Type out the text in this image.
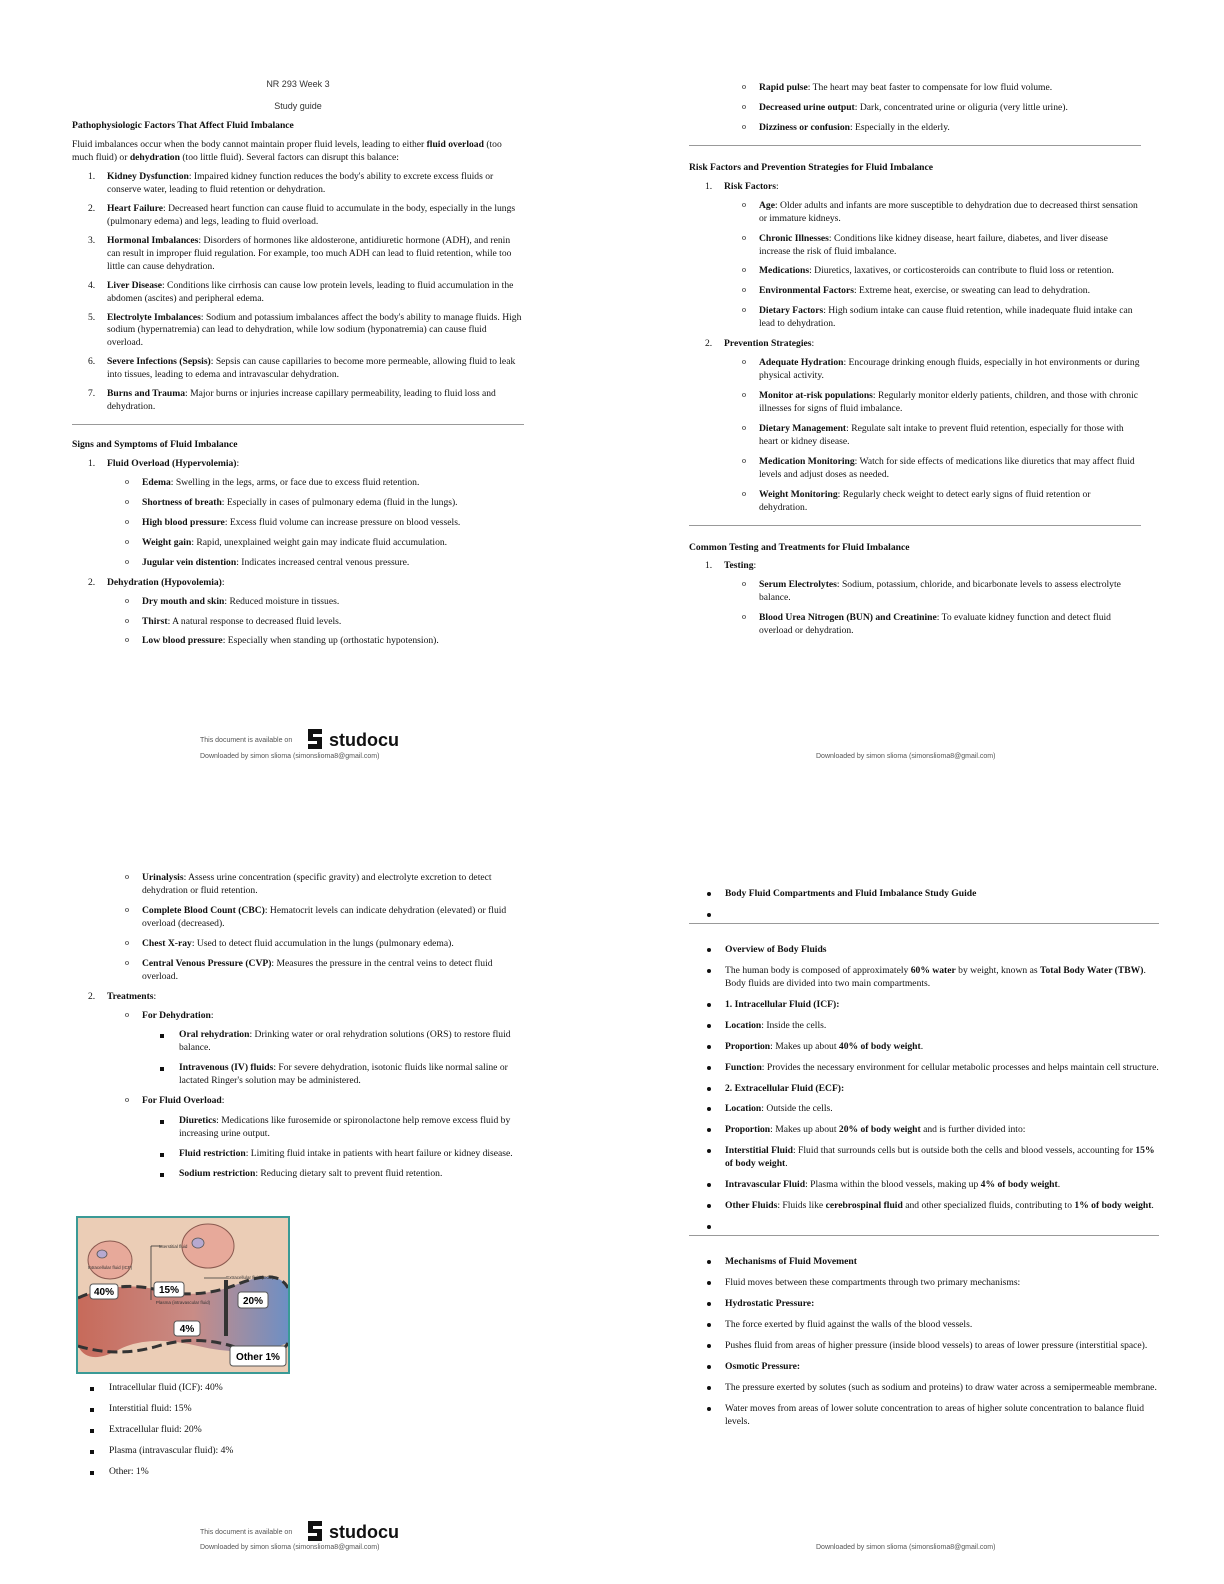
NR 293 Week 3
Study guide
Pathophysiologic Factors That Affect Fluid Imbalance

Fluid imbalances occur when the body cannot maintain proper fluid levels, leading to either fluid overload (too much fluid) or dehydration (too little fluid). Several factors can disrupt this balance:

1. Kidney Dysfunction: Impaired kidney function reduces the body's ability to excrete excess fluids or conserve water, leading to fluid retention or dehydration.
2. Heart Failure: Decreased heart function can cause fluid to accumulate in the body, especially in the lungs (pulmonary edema) and legs, leading to fluid overload.
3. Hormonal Imbalances: Disorders of hormones like aldosterone, antidiuretic hormone (ADH), and renin can result in improper fluid regulation. For example, too much ADH can lead to fluid retention, while too little can cause dehydration.
4. Liver Disease: Conditions like cirrhosis can cause low protein levels, leading to fluid accumulation in the abdomen (ascites) and peripheral edema.
5. Electrolyte Imbalances: Sodium and potassium imbalances affect the body's ability to manage fluids. High sodium (hypernatremia) can lead to dehydration, while low sodium (hyponatremia) can cause fluid overload.
6. Severe Infections (Sepsis): Sepsis can cause capillaries to become more permeable, allowing fluid to leak into tissues, leading to edema and intravascular dehydration.
7. Burns and Trauma: Major burns or injuries increase capillary permeability, leading to fluid loss and dehydration.
Signs and Symptoms of Fluid Imbalance
1. Fluid Overload (Hypervolemia):
o Edema: Swelling in the legs, arms, or face due to excess fluid retention.
o Shortness of breath: Especially in cases of pulmonary edema (fluid in the lungs).
o High blood pressure: Excess fluid volume can increase pressure on blood vessels.
o Weight gain: Rapid, unexplained weight gain may indicate fluid accumulation.
o Jugular vein distention: Indicates increased central venous pressure.
2. Dehydration (Hypovolemia):
o Dry mouth and skin: Reduced moisture in tissues.
o Thirst: A natural response to decreased fluid levels.
o Low blood pressure: Especially when standing up (orthostatic hypotension).
This document is available on	studocu
Downloaded by simon slioma (simonslioma8@gmail.com)
o Rapid pulse: The heart may beat faster to compensate for low fluid volume.
o Decreased urine output: Dark, concentrated urine or oliguria (very little urine).
o Dizziness or confusion: Especially in the elderly.
Risk Factors and Prevention Strategies for Fluid Imbalance
1. Risk Factors:
o Age: Older adults and infants are more susceptible to dehydration due to decreased thirst sensation or immature kidneys.
o Chronic Illnesses: Conditions like kidney disease, heart failure, diabetes, and liver disease increase the risk of fluid imbalance.
o Medications: Diuretics, laxatives, or corticosteroids can contribute to fluid loss or retention.
o Environmental Factors: Extreme heat, exercise, or sweating can lead to dehydration.
o Dietary Factors: High sodium intake can cause fluid retention, while inadequate fluid intake can lead to dehydration.
2. Prevention Strategies:
o Adequate Hydration: Encourage drinking enough fluids, especially in hot environments or during physical activity.
o Monitor at-risk populations: Regularly monitor elderly patients, children, and those with chronic illnesses for signs of fluid imbalance.
o Dietary Management: Regulate salt intake to prevent fluid retention, especially for those with heart or kidney disease.
o Medication Monitoring: Watch for side effects of medications like diuretics that may affect fluid levels and adjust doses as needed.
o Weight Monitoring: Regularly check weight to detect early signs of fluid retention or dehydration.
Common Testing and Treatments for Fluid Imbalance
1. Testing:
o Serum Electrolytes: Sodium, potassium, chloride, and bicarbonate levels to assess electrolyte balance.
o Blood Urea Nitrogen (BUN) and Creatinine: To evaluate kidney function and detect fluid overload or dehydration.
Downloaded by simon slioma (simonslioma8@gmail.com)
o Urinalysis: Assess urine concentration (specific gravity) and electrolyte excretion to detect dehydration or fluid retention.
o Complete Blood Count (CBC): Hematocrit levels can indicate dehydration (elevated) or fluid overload (decreased).
o Chest X-ray: Used to detect fluid accumulation in the lungs (pulmonary edema).
o Central Venous Pressure (CVP): Measures the pressure in the central veins to detect fluid overload.
2. Treatments:
o For Dehydration:
Oral rehydration: Drinking water or oral rehydration solutions (ORS) to restore fluid balance.
Intravenous (IV) fluids: For severe dehydration, isotonic fluids like normal saline or lactated Ringer's solution may be administered.
o For Fluid Overload:
Diuretics: Medications like furosemide or spironolactone help remove excess fluid by increasing urine output.
Fluid restriction: Limiting fluid intake in patients with heart failure or kidney disease.
Sodium restriction: Reducing dietary salt to prevent fluid retention.
Intracellular fluid (ICF)
Interstitial fluid
Extracellular fluid (ECF)
Plasma (intravascular fluid)
40%	15%
20%
4%
Other 1%
Intracellular fluid (ICF): 40%
Interstitial fluid: 15%
Extracellular fluid: 20%
Plasma (intravascular fluid): 4%
Other: 1%
This document is available on	studocu
Downloaded by simon slioma (simonslioma8@gmail.com)
Body Fluid Compartments and Fluid Imbalance Study Guide
Overview of Body Fluids
The human body is composed of approximately 60% water by weight, known as Total Body Water (TBW). Body fluids are divided into two main compartments.
1. Intracellular Fluid (ICF):
Location: Inside the cells.
Proportion: Makes up about 40% of body weight.
Function: Provides the necessary environment for cellular metabolic processes and helps maintain cell structure.
2. Extracellular Fluid (ECF):
Location: Outside the cells.
Proportion: Makes up about 20% of body weight and is further divided into:
Interstitial Fluid: Fluid that surrounds cells but is outside both the cells and blood vessels, accounting for 15% of body weight.
Intravascular Fluid: Plasma within the blood vessels, making up 4% of body weight.
Other Fluids: Fluids like cerebrospinal fluid and other specialized fluids, contributing to 1% of body weight.
Mechanisms of Fluid Movement
Fluid moves between these compartments through two primary mechanisms:
Hydrostatic Pressure:
The force exerted by fluid against the walls of the blood vessels.
Pushes fluid from areas of higher pressure (inside blood vessels) to areas of lower pressure (interstitial space).
Osmotic Pressure:
The pressure exerted by solutes (such as sodium and proteins) to draw water across a semipermeable membrane.
Water moves from areas of lower solute concentration to areas of higher solute concentration to balance fluid levels.
Downloaded by simon slioma (simonslioma8@gmail.com)
